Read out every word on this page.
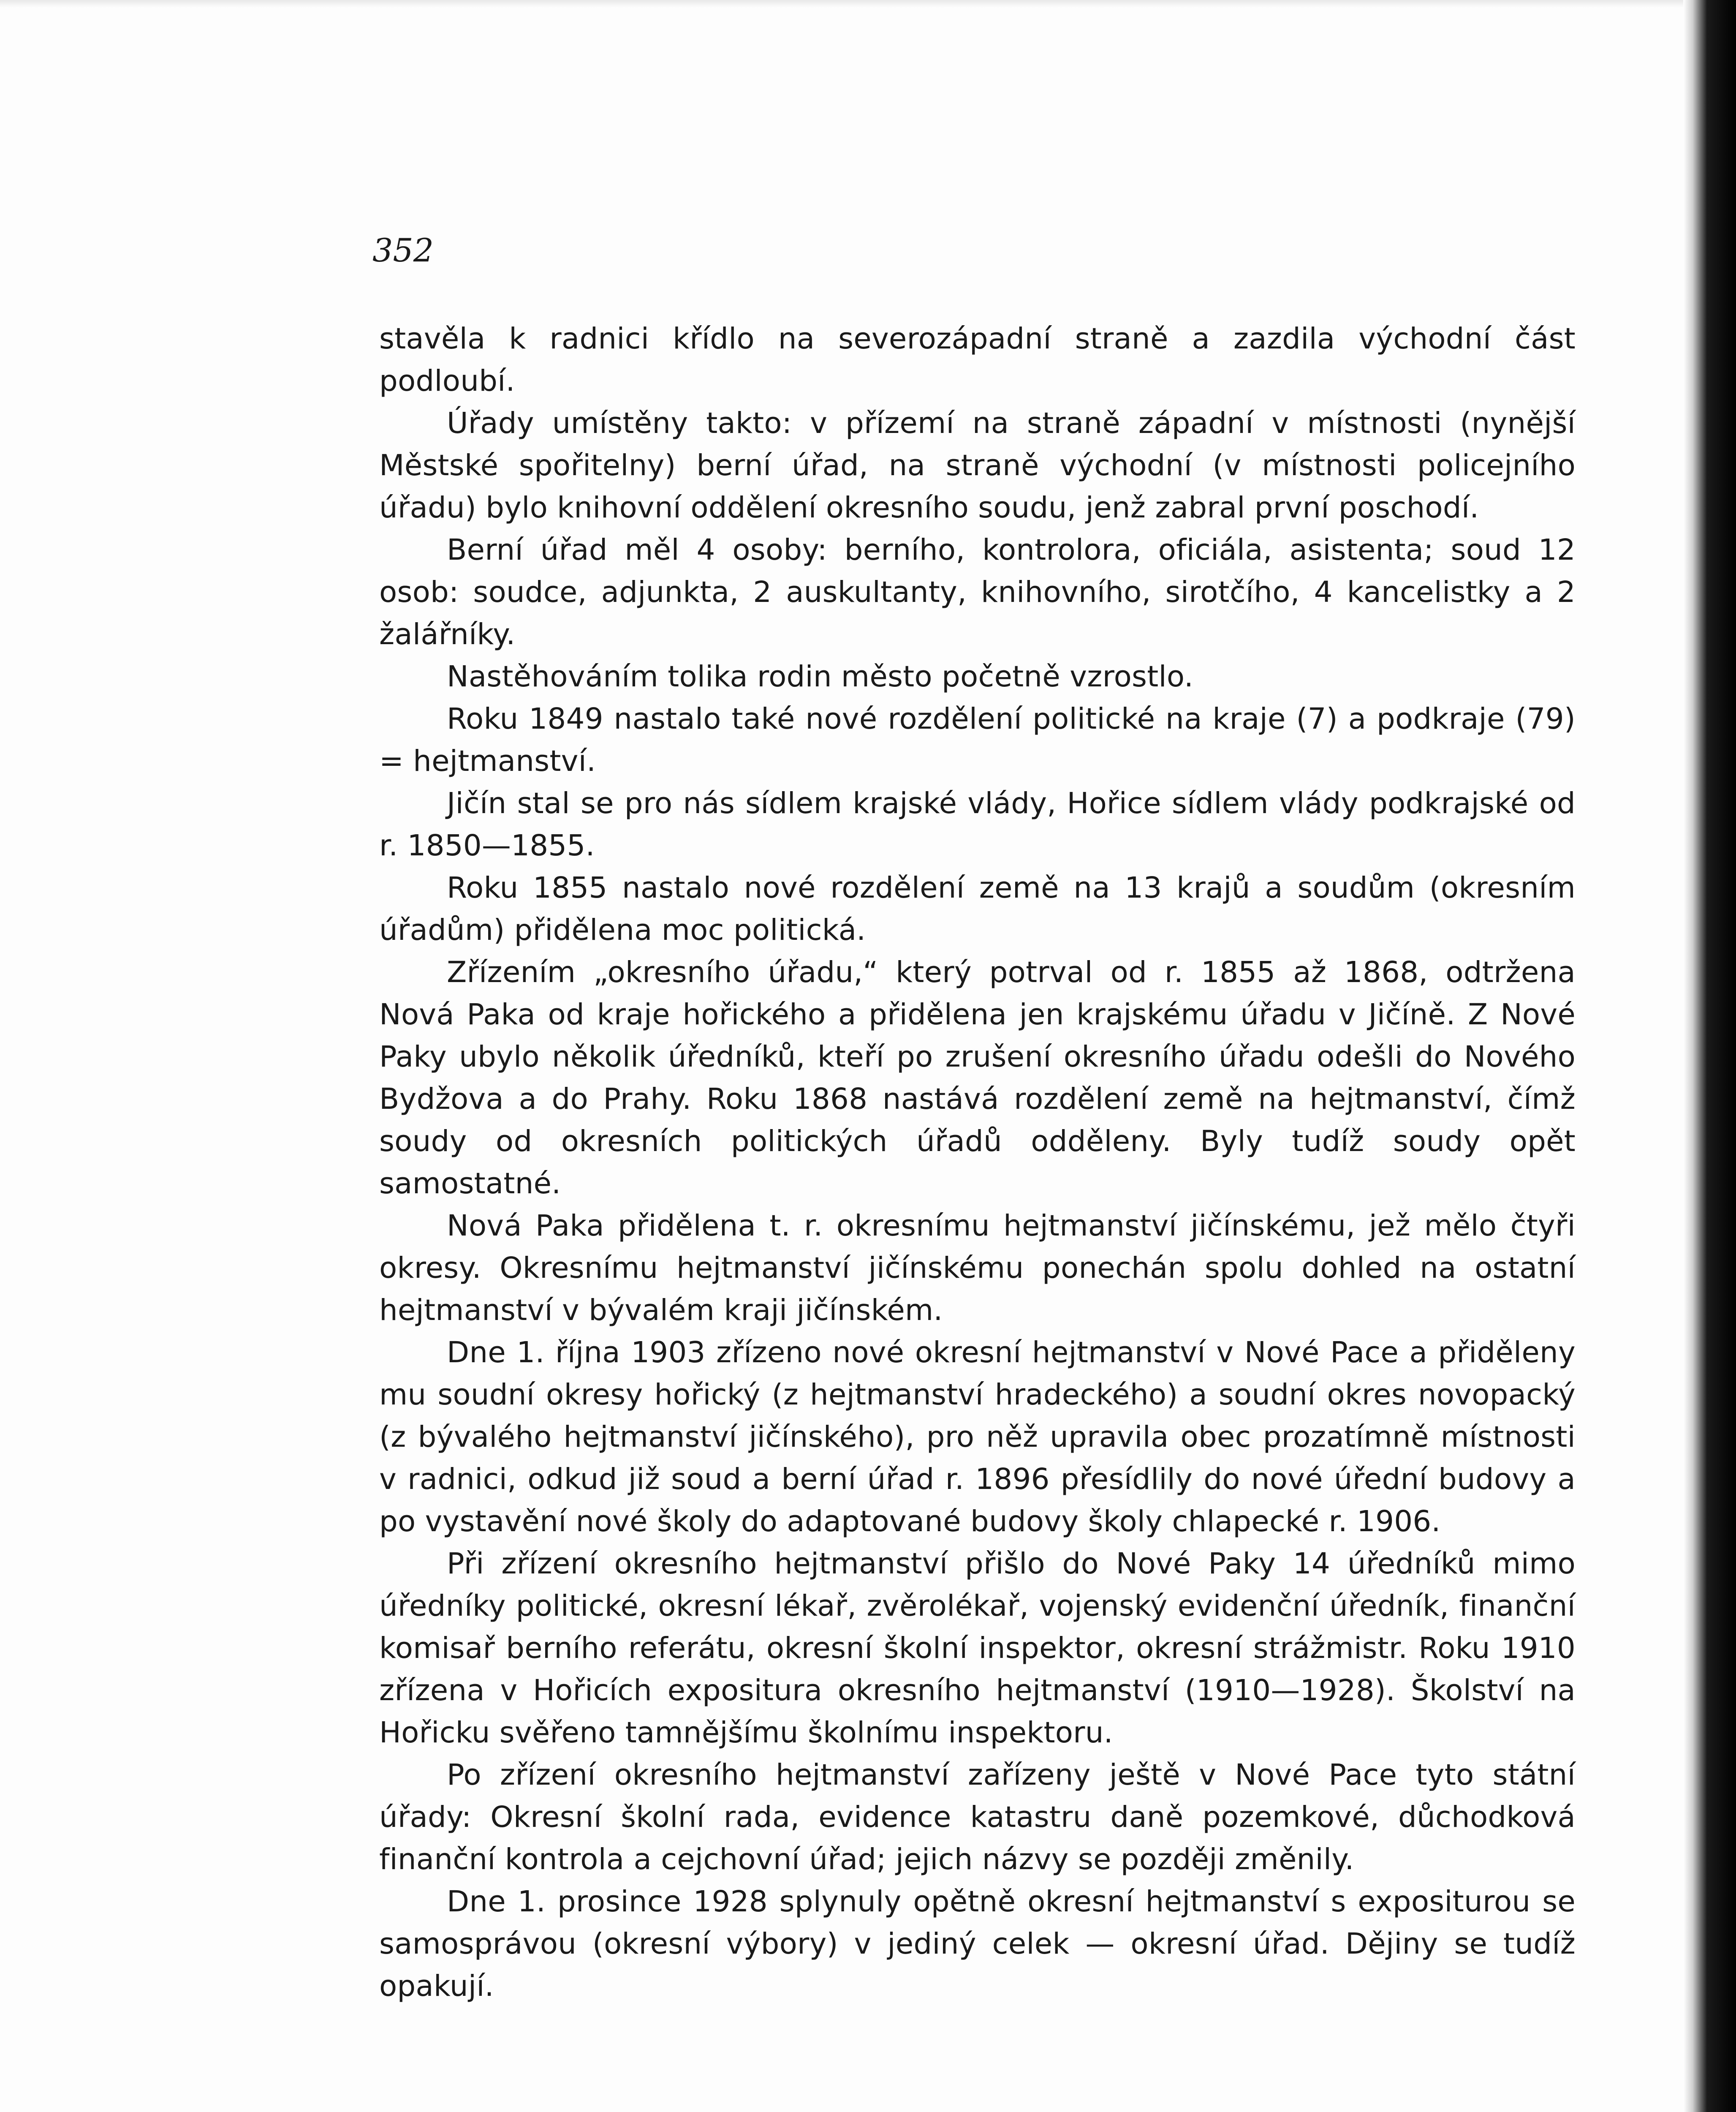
352

stavěla k radnici křídlo na severozápadní straně a zazdila východní část podloubí.

Úřady umístěny takto: v přízemí na straně západní v místnosti (nynější Městské spořitelny) berní úřad, na straně východní (v místnosti policejního úřadu) bylo knihovní oddělení okresního soudu, jenž zabral první poschodí.

Berní úřad měl 4 osoby: berního, kontrolora, oficiála, asistenta; soud 12 osob: soudce, adjunkta, 2 auskultanty, knihovního, sirotčího, 4 kancelistky a 2 žalářníky.

Nastěhováním tolika rodin město početně vzrostlo.

Roku 1849 nastalo také nové rozdělení politické na kraje (7) a podkraje (79) = hejtmanství.

Jičín stal se pro nás sídlem krajské vlády, Hořice sídlem vlády podkrajské od r. 1850—1855.

Roku 1855 nastalo nové rozdělení země na 13 krajů a soudům (okresním úřadům) přidělena moc politická.

Zřízením „okresního úřadu,“ který potrval od r. 1855 až 1868, odtržena Nová Paka od kraje hořického a přidělena jen krajskému úřadu v Jičíně. Z Nové Paky ubylo několik úředníků, kteří po zrušení okresního úřadu odešli do Nového Bydžova a do Prahy. Roku 1868 nastává rozdělení země na hejtmanství, čímž soudy od okresních politických úřadů odděleny. Byly tudíž soudy opět samostatné.

Nová Paka přidělena t. r. okresnímu hejtmanství jičínskému, jež mělo čtyři okresy. Okresnímu hejtmanství jičínskému ponechán spolu dohled na ostatní hejtmanství v bývalém kraji jičínském.

Dne 1. října 1903 zřízeno nové okresní hejtmanství v Nové Pace a přiděleny mu soudní okresy hořický (z hejtmanství hradeckého) a soudní okres novopacký (z bývalého hejtmanství jičínského), pro něž upravila obec prozatímně místnosti v radnici, odkud již soud a berní úřad r. 1896 přesídlily do nové úřední budovy a po vystavění nové školy do adaptované budovy školy chlapecké r. 1906.

Při zřízení okresního hejtmanství přišlo do Nové Paky 14 úředníků mimo úředníky politické, okresní lékař, zvěrolékař, vojenský evidenční úředník, finanční komisař berního referátu, okresní školní inspektor, okresní strážmistr. Roku 1910 zřízena v Hořicích expositura okresního hejtmanství (1910—1928). Školství na Hořicku svěřeno tamnějšímu školnímu inspektoru.

Po zřízení okresního hejtmanství zařízeny ještě v Nové Pace tyto státní úřady: Okresní školní rada, evidence katastru daně pozemkové, důchodková finanční kontrola a cejchovní úřad; jejich názvy se později změnily.

Dne 1. prosince 1928 splynuly opětně okresní hejtmanství s expositurou se samosprávou (okresní výbory) v jediný celek — okresní úřad. Dějiny se tudíž opakují.
